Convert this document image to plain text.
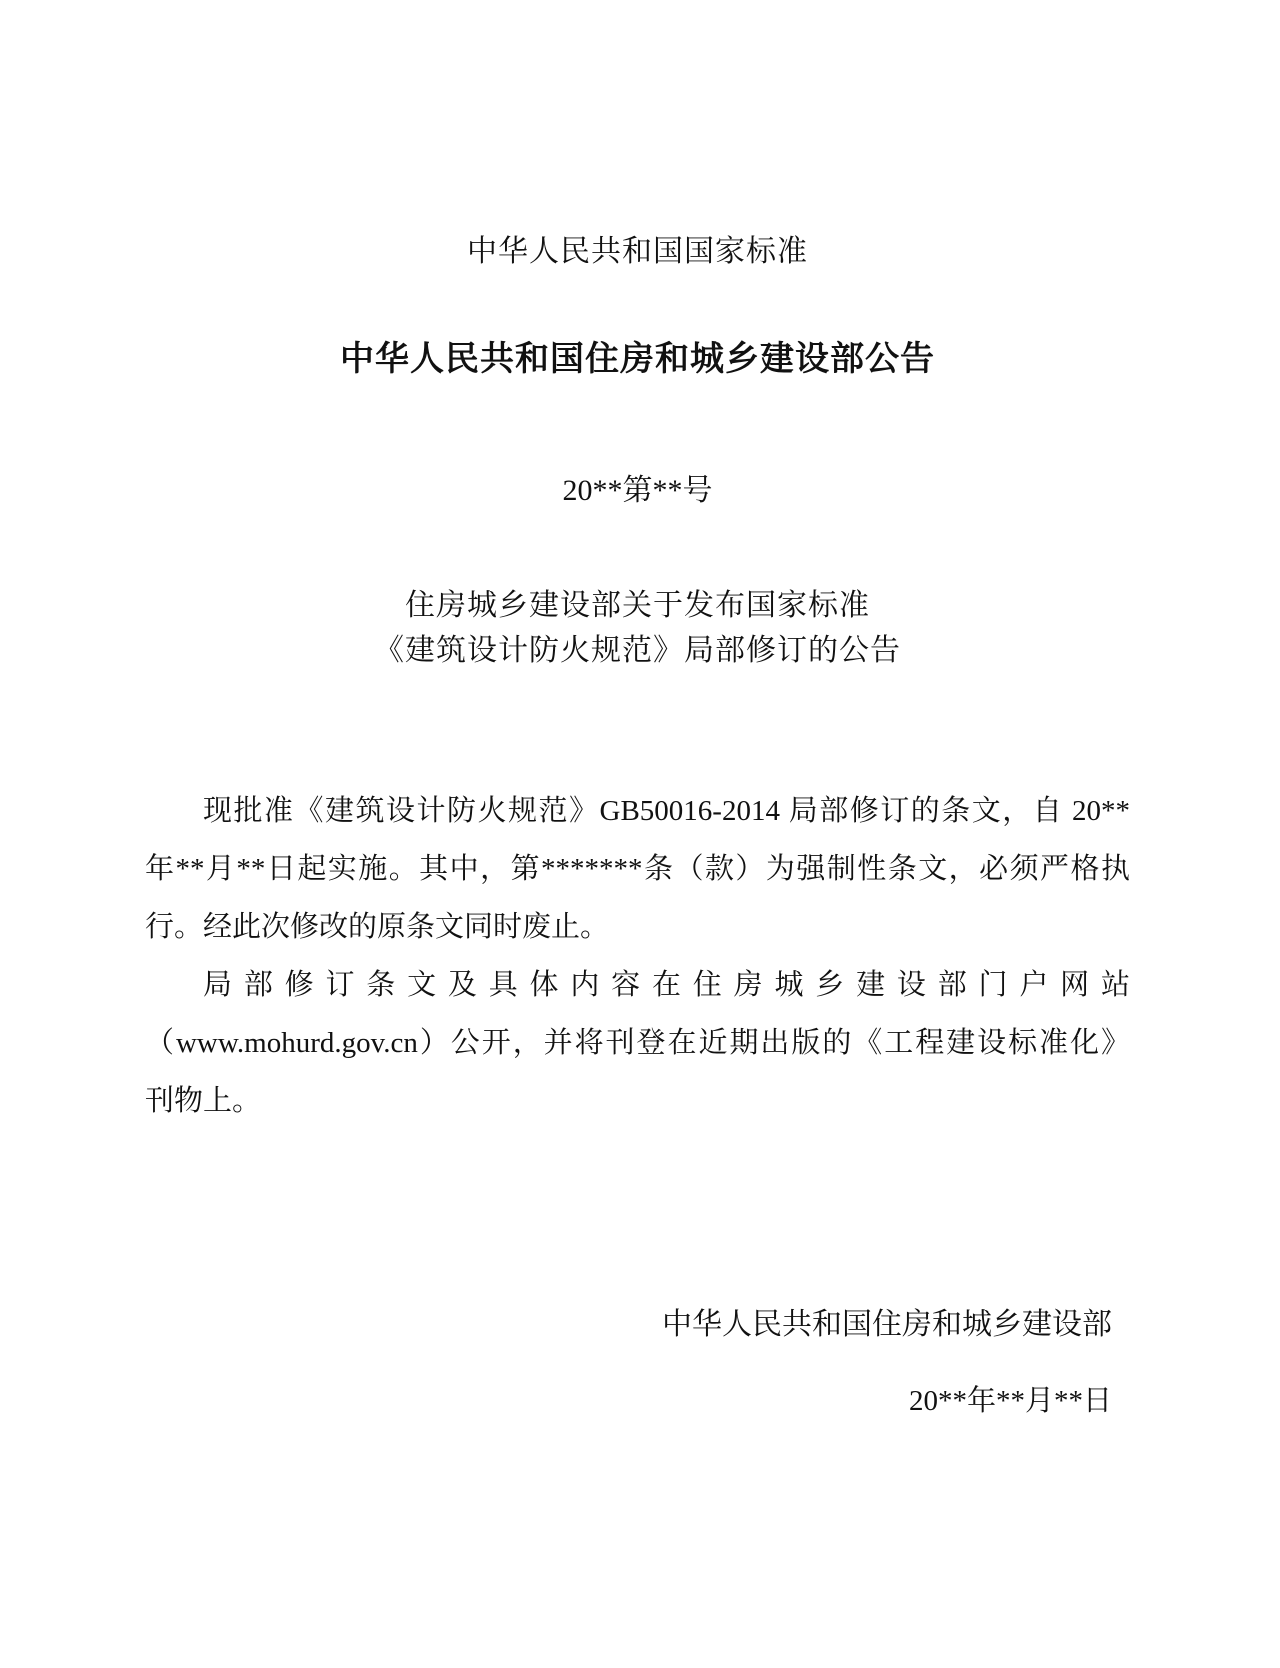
中华人民共和国国家标准
中华人民共和国住房和城乡建设部公告
20**第**号
住房城乡建设部关于发布国家标准
《建筑设计防火规范》局部修订的公告
现批准《建筑设计防火规范》GB50016-2014 局部修订的条文，自 20**
年**月**日起实施。其中，第*******条（款）为强制性条文，必须严格执
行。经此次修改的原条文同时废止。
局部修订条文及具体内容在住房城乡建设部门户网站
（www.mohurd.gov.cn）公开，并将刊登在近期出版的《工程建设标准化》
刊物上。
中华人民共和国住房和城乡建设部
20**年**月**日
